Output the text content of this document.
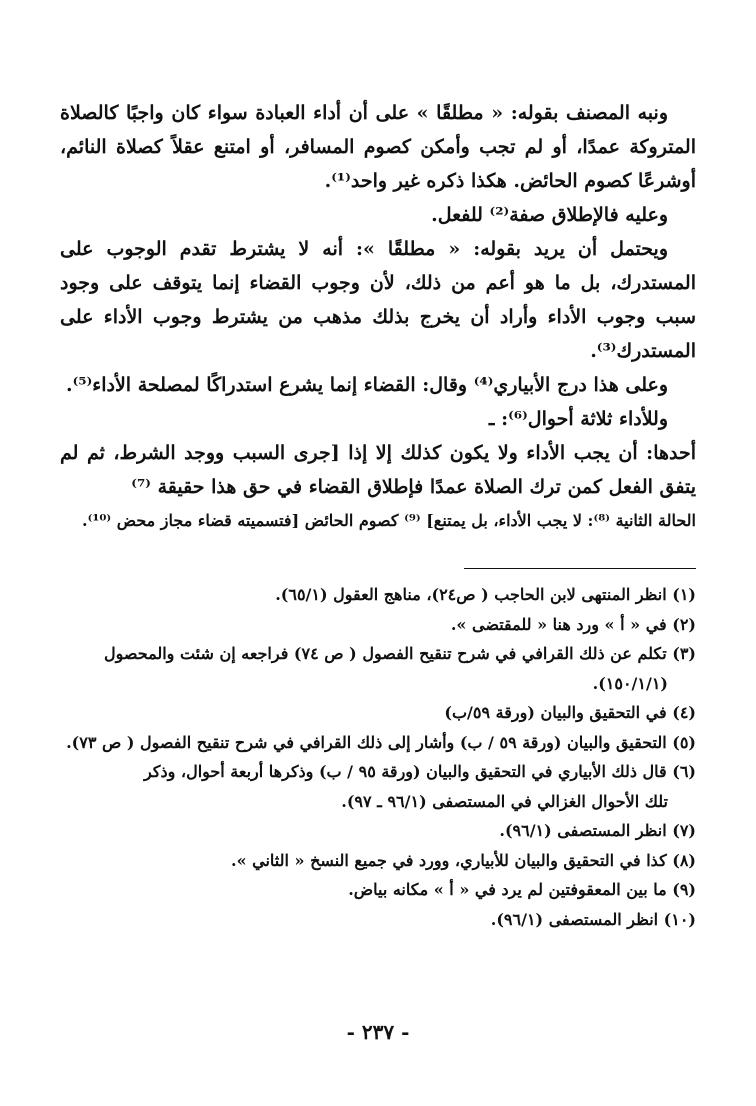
ونبه المصنف بقوله: « مطلقًا » على أن أداء العبادة سواء كان واجبًا كالصلاة المتروكة عمدًا، أو لم تجب وأمكن كصوم المسافر، أو امتنع عقلاً كصلاة النائم، أوشرعًا كصوم الحائض. هكذا ذكره غير واحد⁽¹⁾.

وعليه فالإطلاق صفة⁽²⁾ للفعل.

ويحتمل أن يريد بقوله: « مطلقًا »: أنه لا يشترط تقدم الوجوب على المستدرك، بل ما هو أعم من ذلك، لأن وجوب القضاء إنما يتوقف على وجود سبب وجوب الأداء وأراد أن يخرج بذلك مذهب من يشترط وجوب الأداء على المستدرك⁽³⁾.

وعلى هذا درج الأبياري⁽⁴⁾ وقال: القضاء إنما يشرع استدراكًا لمصلحة الأداء⁽⁵⁾.

وللأداء ثلاثة أحوال⁽⁶⁾: ـ

أحدها: أن يجب الأداء ولا يكون كذلك إلا إذا [جرى السبب ووجد الشرط، ثم لم يتفق الفعل كمن ترك الصلاة عمدًا فإطلاق القضاء في حق هذا حقيقة ⁽⁷⁾

الحالة الثانية ⁽⁸⁾: لا يجب الأداء، بل يمتنع] ⁽⁹⁾ كصوم الحائض [فتسميته قضاء مجاز محض ⁽¹⁰⁾.

(١) انظر المنتهى لابن الحاجب ( ص٢٤)، مناهج العقول (٦٥/١).

(٢) في « أ » ورد هنا « للمقتضى ».

(٣) تكلم عن ذلك القرافي في شرح تنقيح الفصول ( ص ٧٤) فراجعه إن شئت والمحصول

(١٥٠/١/١).

(٤) في التحقيق والبيان (ورقة ٥٩/ب)

(٥) التحقيق والبيان (ورقة ٥٩ / ب) وأشار إلى ذلك القرافي في شرح تنقيح الفصول ( ص ٧٣).

(٦) قال ذلك الأبياري في التحقيق والبيان (ورقة ٩٥ / ب) وذكرها أربعة أحوال، وذكر

تلك الأحوال الغزالي في المستصفى (٩٦/١ ـ ٩٧).

(٧) انظر المستصفى (٩٦/١).

(٨) كذا في التحقيق والبيان للأبياري، وورد في جميع النسخ « الثاني ».

(٩) ما بين المعقوفتين لم يرد في « أ » مكانه بياض.

(١٠) انظر المستصفى (٩٦/١).

- ٢٣٧ -
